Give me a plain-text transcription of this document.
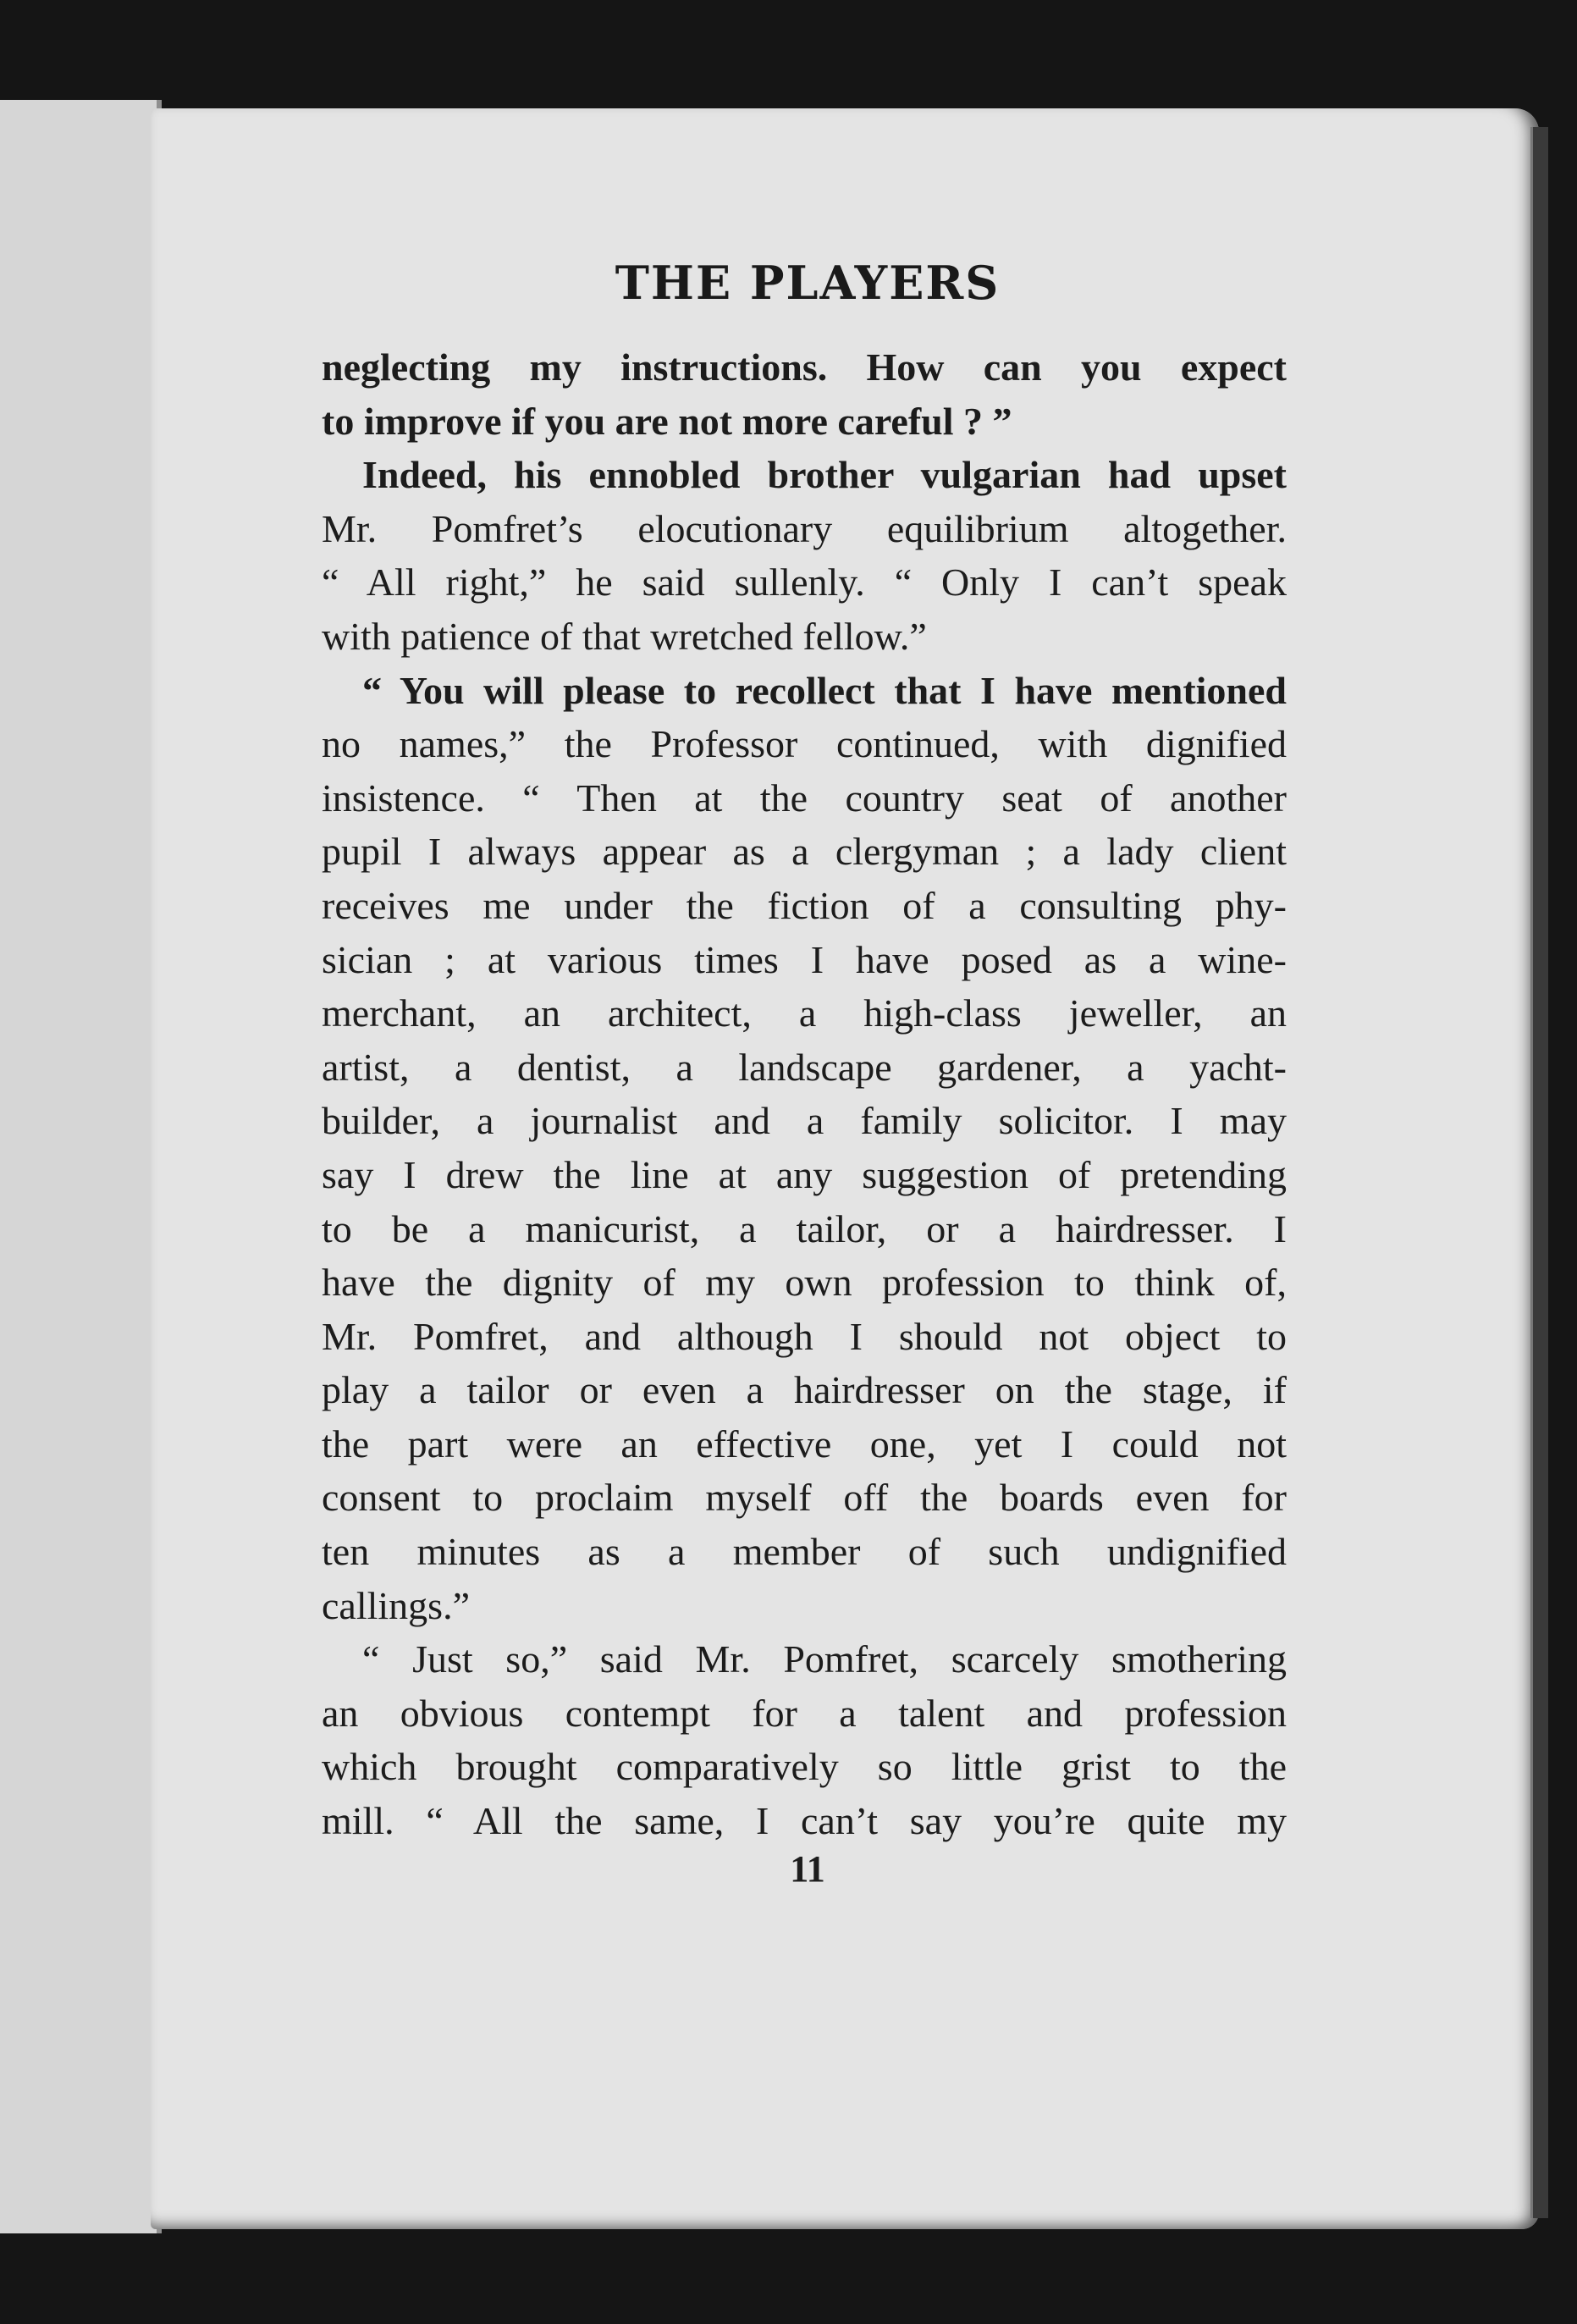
THE PLAYERS
neglecting my instructions. How can you expect
to improve if you are not more careful ? ”
Indeed, his ennobled brother vulgarian had upset
Mr. Pomfret’s elocutionary equilibrium altogether.
“ All right,” he said sullenly. “ Only I can’t speak
with patience of that wretched fellow.”
“ You will please to recollect that I have mentioned
no names,” the Professor continued, with dignified
insistence. “ Then at the country seat of another
pupil I always appear as a clergyman ; a lady client
receives me under the fiction of a consulting phy-
sician ; at various times I have posed as a wine-
merchant, an architect, a high-class jeweller, an
artist, a dentist, a landscape gardener, a yacht-
builder, a journalist and a family solicitor. I may
say I drew the line at any suggestion of pretending
to be a manicurist, a tailor, or a hairdresser. I
have the dignity of my own profession to think of,
Mr. Pomfret, and although I should not object to
play a tailor or even a hairdresser on the stage, if
the part were an effective one, yet I could not
consent to proclaim myself off the boards even for
ten minutes as a member of such undignified
callings.”
“ Just so,” said Mr. Pomfret, scarcely smothering
an obvious contempt for a talent and profession
which brought comparatively so little grist to the
mill. “ All the same, I can’t say you’re quite my
11
